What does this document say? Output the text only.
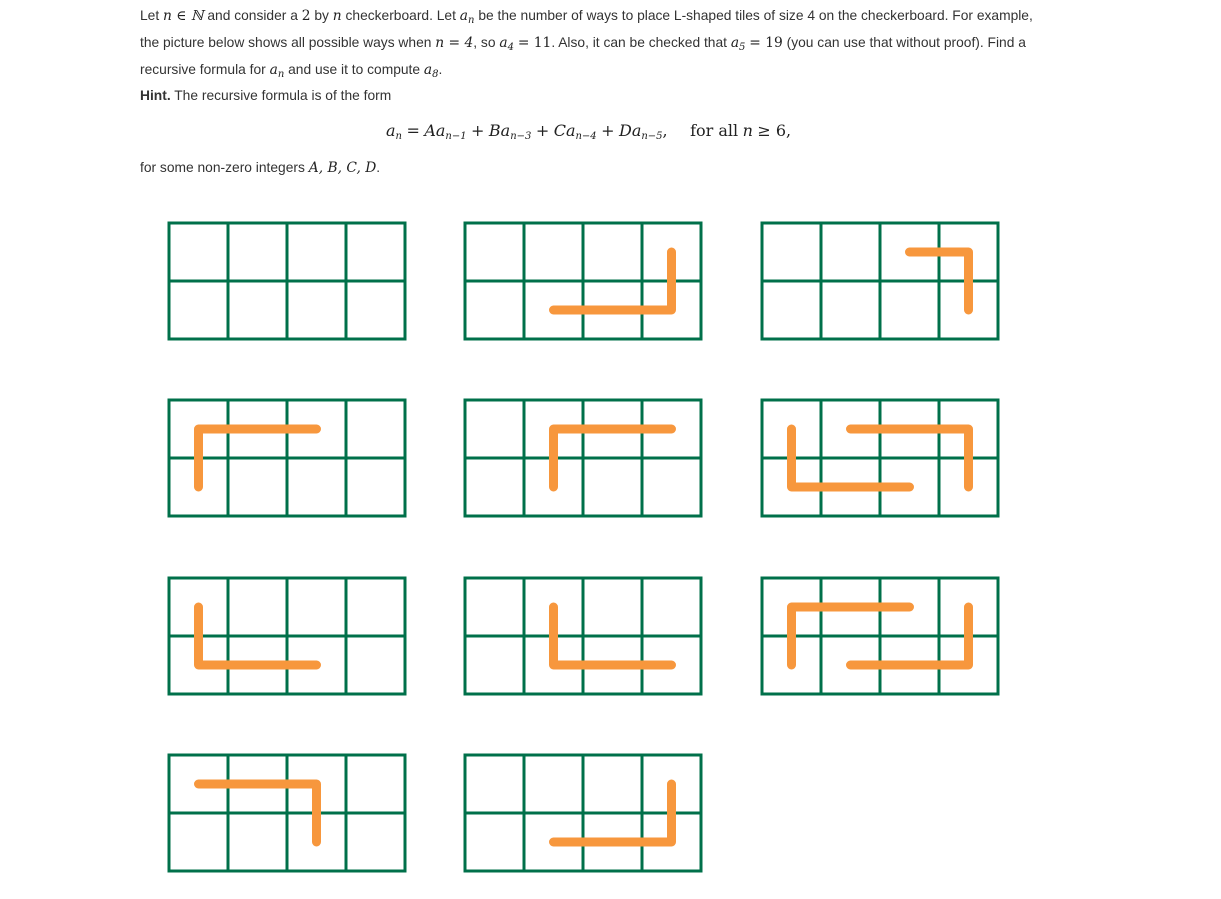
Let n ∈ ℕ and consider a 2 by n checkerboard. Let $a_n$ be the number of ways to place L-shaped tiles of size 4 on the checkerboard. For example, the picture below shows all possible ways when n = 4, so $a_4 = 11$. Also, it can be checked that $a_5 = 19$ (you can use that without proof). Find a recursive formula for $a_n$ and use it to compute $a_8$.

Hint. The recursive formula is of the form

$a_n = Aa_{n-1} + Ba_{n-3} + Ca_{n-4} + Da_{n-5}$, for all n ≥ 6,

for some non-zero integers A, B, C, D.
